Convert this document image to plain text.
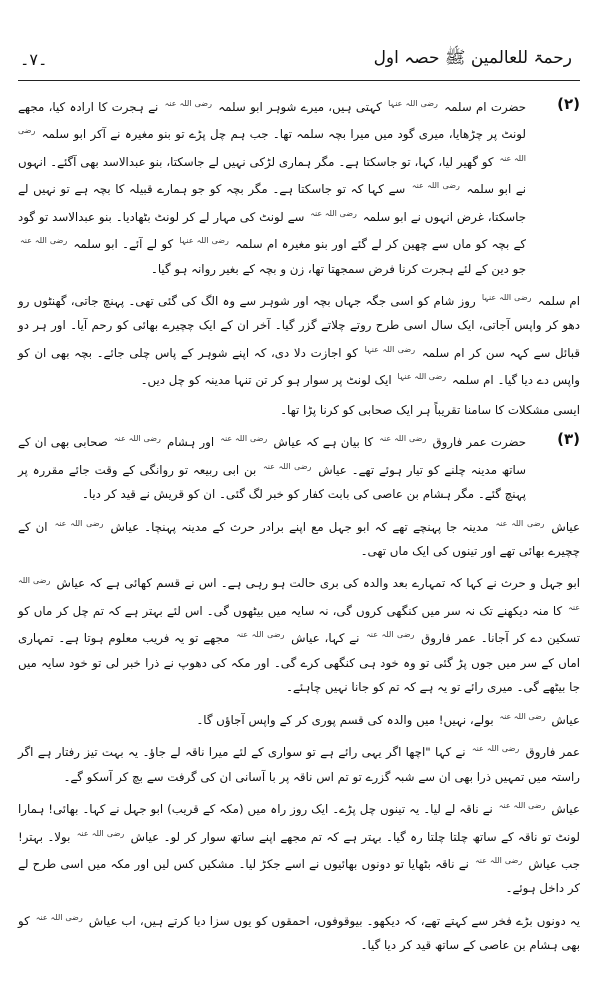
رحمۃ للعالمین ﷺ حصہ اول
۔۷۔
(۲)
حضرت ام سلمہ $^{رضی اللہ عنہا}$ کہتی ہیں، میرے شوہر ابو سلمہ $^{رضی اللہ عنہ}$ نے ہجرت کا ارادہ کیا، مجھے لونٹ پر چڑھایا، میری گود میں میرا بچہ سلمہ تھا۔ جب ہم چل پڑے تو بنو مغیرہ نے آکر ابو سلمہ $^{رضی اللہ عنہ}$ کو گھیر لیا، کہا، تو جاسکتا ہے۔ مگر ہماری لڑکی نہیں لے جاسکتا، بنو عبدالاسد بھی آگئے۔ انہوں نے ابو سلمہ $^{رضی اللہ عنہ}$ سے کہا کہ تو جاسکتا ہے۔ مگر بچہ کو جو ہمارے قبیلہ کا بچہ ہے تو نہیں لے جاسکتا، غرض انہوں نے ابو سلمہ $^{رضی اللہ عنہ}$ سے لونٹ کی مہار لے کر لونٹ بٹھادیا۔ بنو عبدالاسد تو گود کے بچہ کو ماں سے چھین کر لے گئے اور بنو مغیرہ ام سلمہ $^{رضی اللہ عنہا}$ کو لے آئے۔ ابو سلمہ $^{رضی اللہ عنہ}$ جو دین کے لئے ہجرت کرنا فرض سمجھتا تھا، زن و بچہ کے بغیر روانہ ہو گیا۔
ام سلمہ $^{رضی اللہ عنہا}$ روز شام کو اسی جگہ جہاں بچہ اور شوہر سے وہ الگ کی گئی تھی۔ پہنچ جاتی، گھنٹوں رو دھو کر واپس آجاتی، ایک سال اسی طرح روتے چلاتے گزر گیا۔ آخر ان کے ایک چچیرے بھائی کو رحم آیا۔ اور ہر دو قبائل سے کہہ سن کر ام سلمہ $^{رضی اللہ عنہا}$ کو اجازت دلا دی، کہ اپنے شوہر کے پاس چلی جائے۔ بچہ بھی ان کو واپس دے دیا گیا۔ ام سلمہ $^{رضی اللہ عنہا}$ ایک لونٹ پر سوار ہو کر تن تنہا مدینہ کو چل دیں۔
ایسی مشکلات کا سامنا تقریباً ہر ایک صحابی کو کرنا پڑا تھا۔
(۳)
حضرت عمر فاروق $^{رضی اللہ عنہ}$ کا بیان ہے کہ عیاش $^{رضی اللہ عنہ}$ اور ہشام $^{رضی اللہ عنہ}$ صحابی بھی ان کے ساتھ مدینہ چلنے کو تیار ہوئے تھے۔ عیاش $^{رضی اللہ عنہ}$ بن ابی ربیعہ تو روانگی کے وقت جائے مقررہ پر پہنچ گئے۔ مگر ہشام بن عاصی کی بابت کفار کو خبر لگ گئی۔ ان کو قریش نے قید کر دیا۔
عیاش $^{رضی اللہ عنہ}$ مدینہ جا پہنچے تھے کہ ابو جہل مع اپنے برادر حرث کے مدینہ پہنچا۔ عیاش $^{رضی اللہ عنہ}$ ان کے چچیرے بھائی تھے اور تینوں کی ایک ماں تھی۔
ابو جہل و حرث نے کہا کہ تمہارے بعد والدہ کی بری حالت ہو رہی ہے۔ اس نے قسم کھائی ہے کہ عیاش $^{رضی اللہ عنہ}$ کا منہ دیکھنے تک نہ سر میں کنگھی کروں گی، نہ سایہ میں بیٹھوں گی۔ اس لئے بہتر ہے کہ تم چل کر ماں کو تسکین دے کر آجانا۔ عمر فاروق $^{رضی اللہ عنہ}$ نے کہا، عیاش $^{رضی اللہ عنہ}$ مجھے تو یہ فریب معلوم ہوتا ہے۔ تمہاری اماں کے سر میں جوں پڑ گئی تو وہ خود ہی کنگھی کرے گی۔ اور مکہ کی دھوپ نے ذرا خبر لی تو خود سایہ میں جا بیٹھے گی۔ میری رائے تو یہ ہے کہ تم کو جانا نہیں چاہئے۔
عیاش $^{رضی اللہ عنہ}$ بولے، نہیں! میں والدہ کی قسم پوری کر کے واپس آجاؤں گا۔
عمر فاروق $^{رضی اللہ عنہ}$ نے کہا "اچھا اگر یہی رائے ہے تو سواری کے لئے میرا ناقہ لے جاؤ۔ یہ بہت تیز رفتار ہے اگر راستہ میں تمہیں ذرا بھی ان سے شبہ گزرے تو تم اس ناقہ پر با آسانی ان کی گرفت سے بچ کر آسکو گے۔
عیاش $^{رضی اللہ عنہ}$ نے ناقہ لے لیا۔ یہ تینوں چل پڑے۔ ایک روز راہ میں (مکہ کے قریب) ابو جہل نے کہا۔ بھائی! ہمارا لونٹ تو ناقہ کے ساتھ چلتا چلتا رہ گیا۔ بہتر ہے کہ تم مجھے اپنے ساتھ سوار کر لو۔ عیاش $^{رضی اللہ عنہ}$ بولا۔ بہتر! جب عیاش $^{رضی اللہ عنہ}$ نے ناقہ بٹھایا تو دونوں بھائیوں نے اسے جکڑ لیا۔ مشکیں کس لیں اور مکہ میں اسی طرح لے کر داخل ہوئے۔
یہ دونوں بڑے فخر سے کہتے تھے، کہ دیکھو۔ بیوقوفوں، احمقوں کو یوں سزا دیا کرتے ہیں، اب عیاش $^{رضی اللہ عنہ}$ کو بھی ہشام بن عاصی کے ساتھ قید کر دیا گیا۔
